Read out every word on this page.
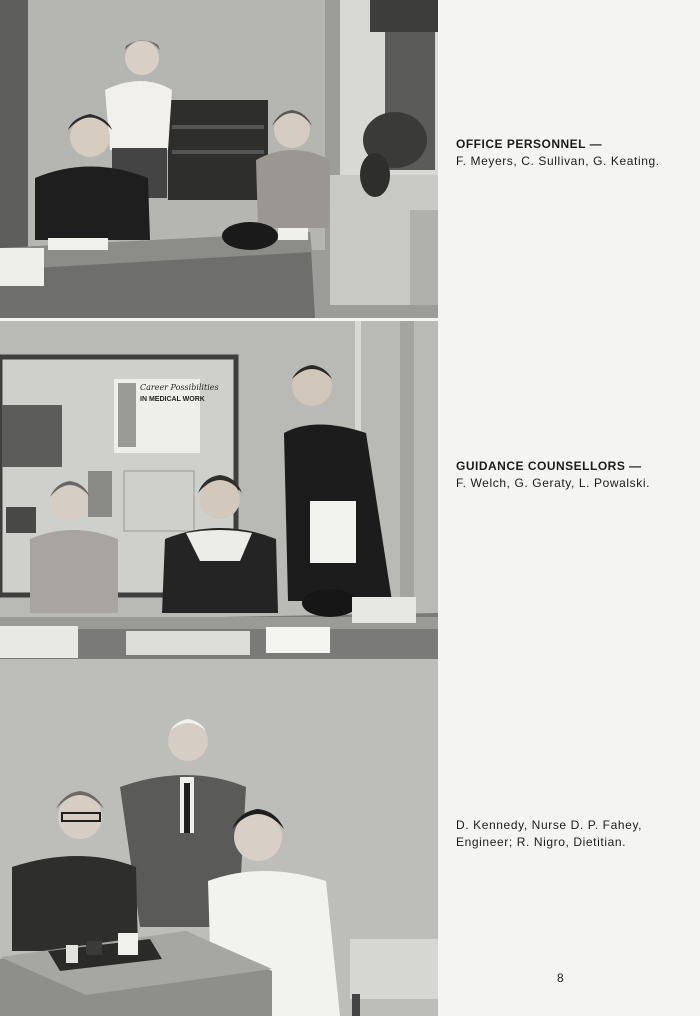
Career Possibilities
IN MEDICAL WORK
OFFICE PERSONNEL —
F. Meyers, C. Sullivan, G. Keating.
GUIDANCE COUNSELLORS —
F. Welch, G. Geraty, L. Powalski.
D. Kennedy, Nurse D. P. Fahey,
Engineer; R. Nigro, Dietitian.
8
